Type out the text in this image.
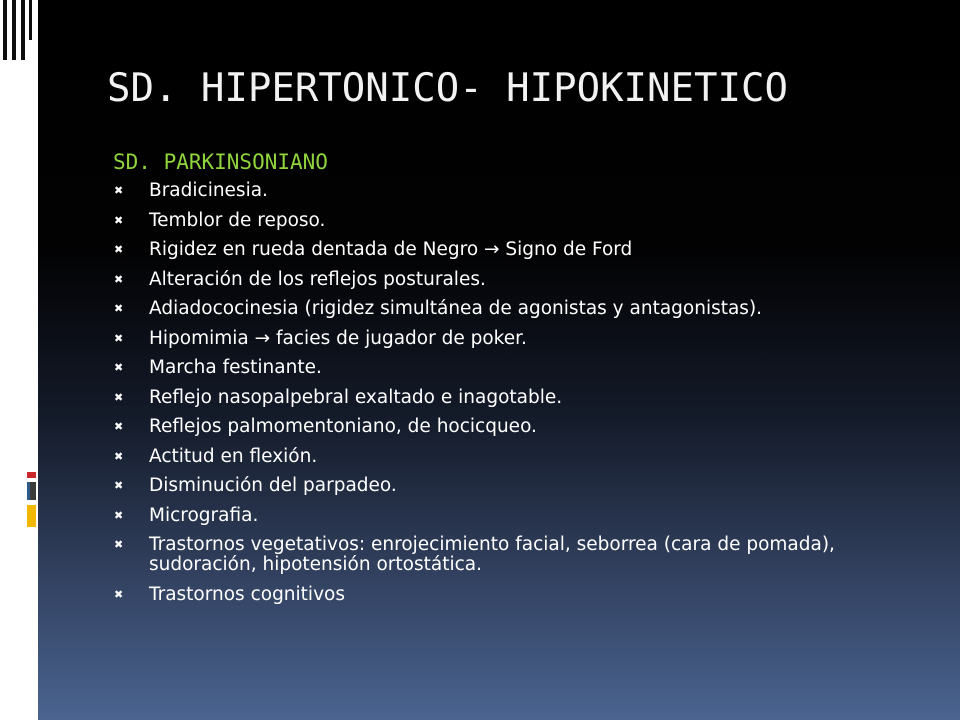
SD. HIPERTONICO- HIPOKINETICO
SD. PARKINSONIANO
✖ Bradicinesia.
✖ Temblor de reposo.
✖ Rigidez en rueda dentada de Negro → Signo de Ford
✖ Alteración de los reflejos posturales.
✖ Adiadococinesia (rigidez simultánea de agonistas y antagonistas).
✖ Hipomimia → facies de jugador de poker.
✖ Marcha festinante.
✖ Reflejo nasopalpebral exaltado e inagotable.
✖ Reflejos palmomentoniano, de hocicqueo.
✖ Actitud en flexión.
✖ Disminución del parpadeo.
✖ Micrografia.
✖ Trastornos vegetativos: enrojecimiento facial, seborrea (cara de pomada), sudoración, hipotensión ortostática.
✖ Trastornos cognitivos
